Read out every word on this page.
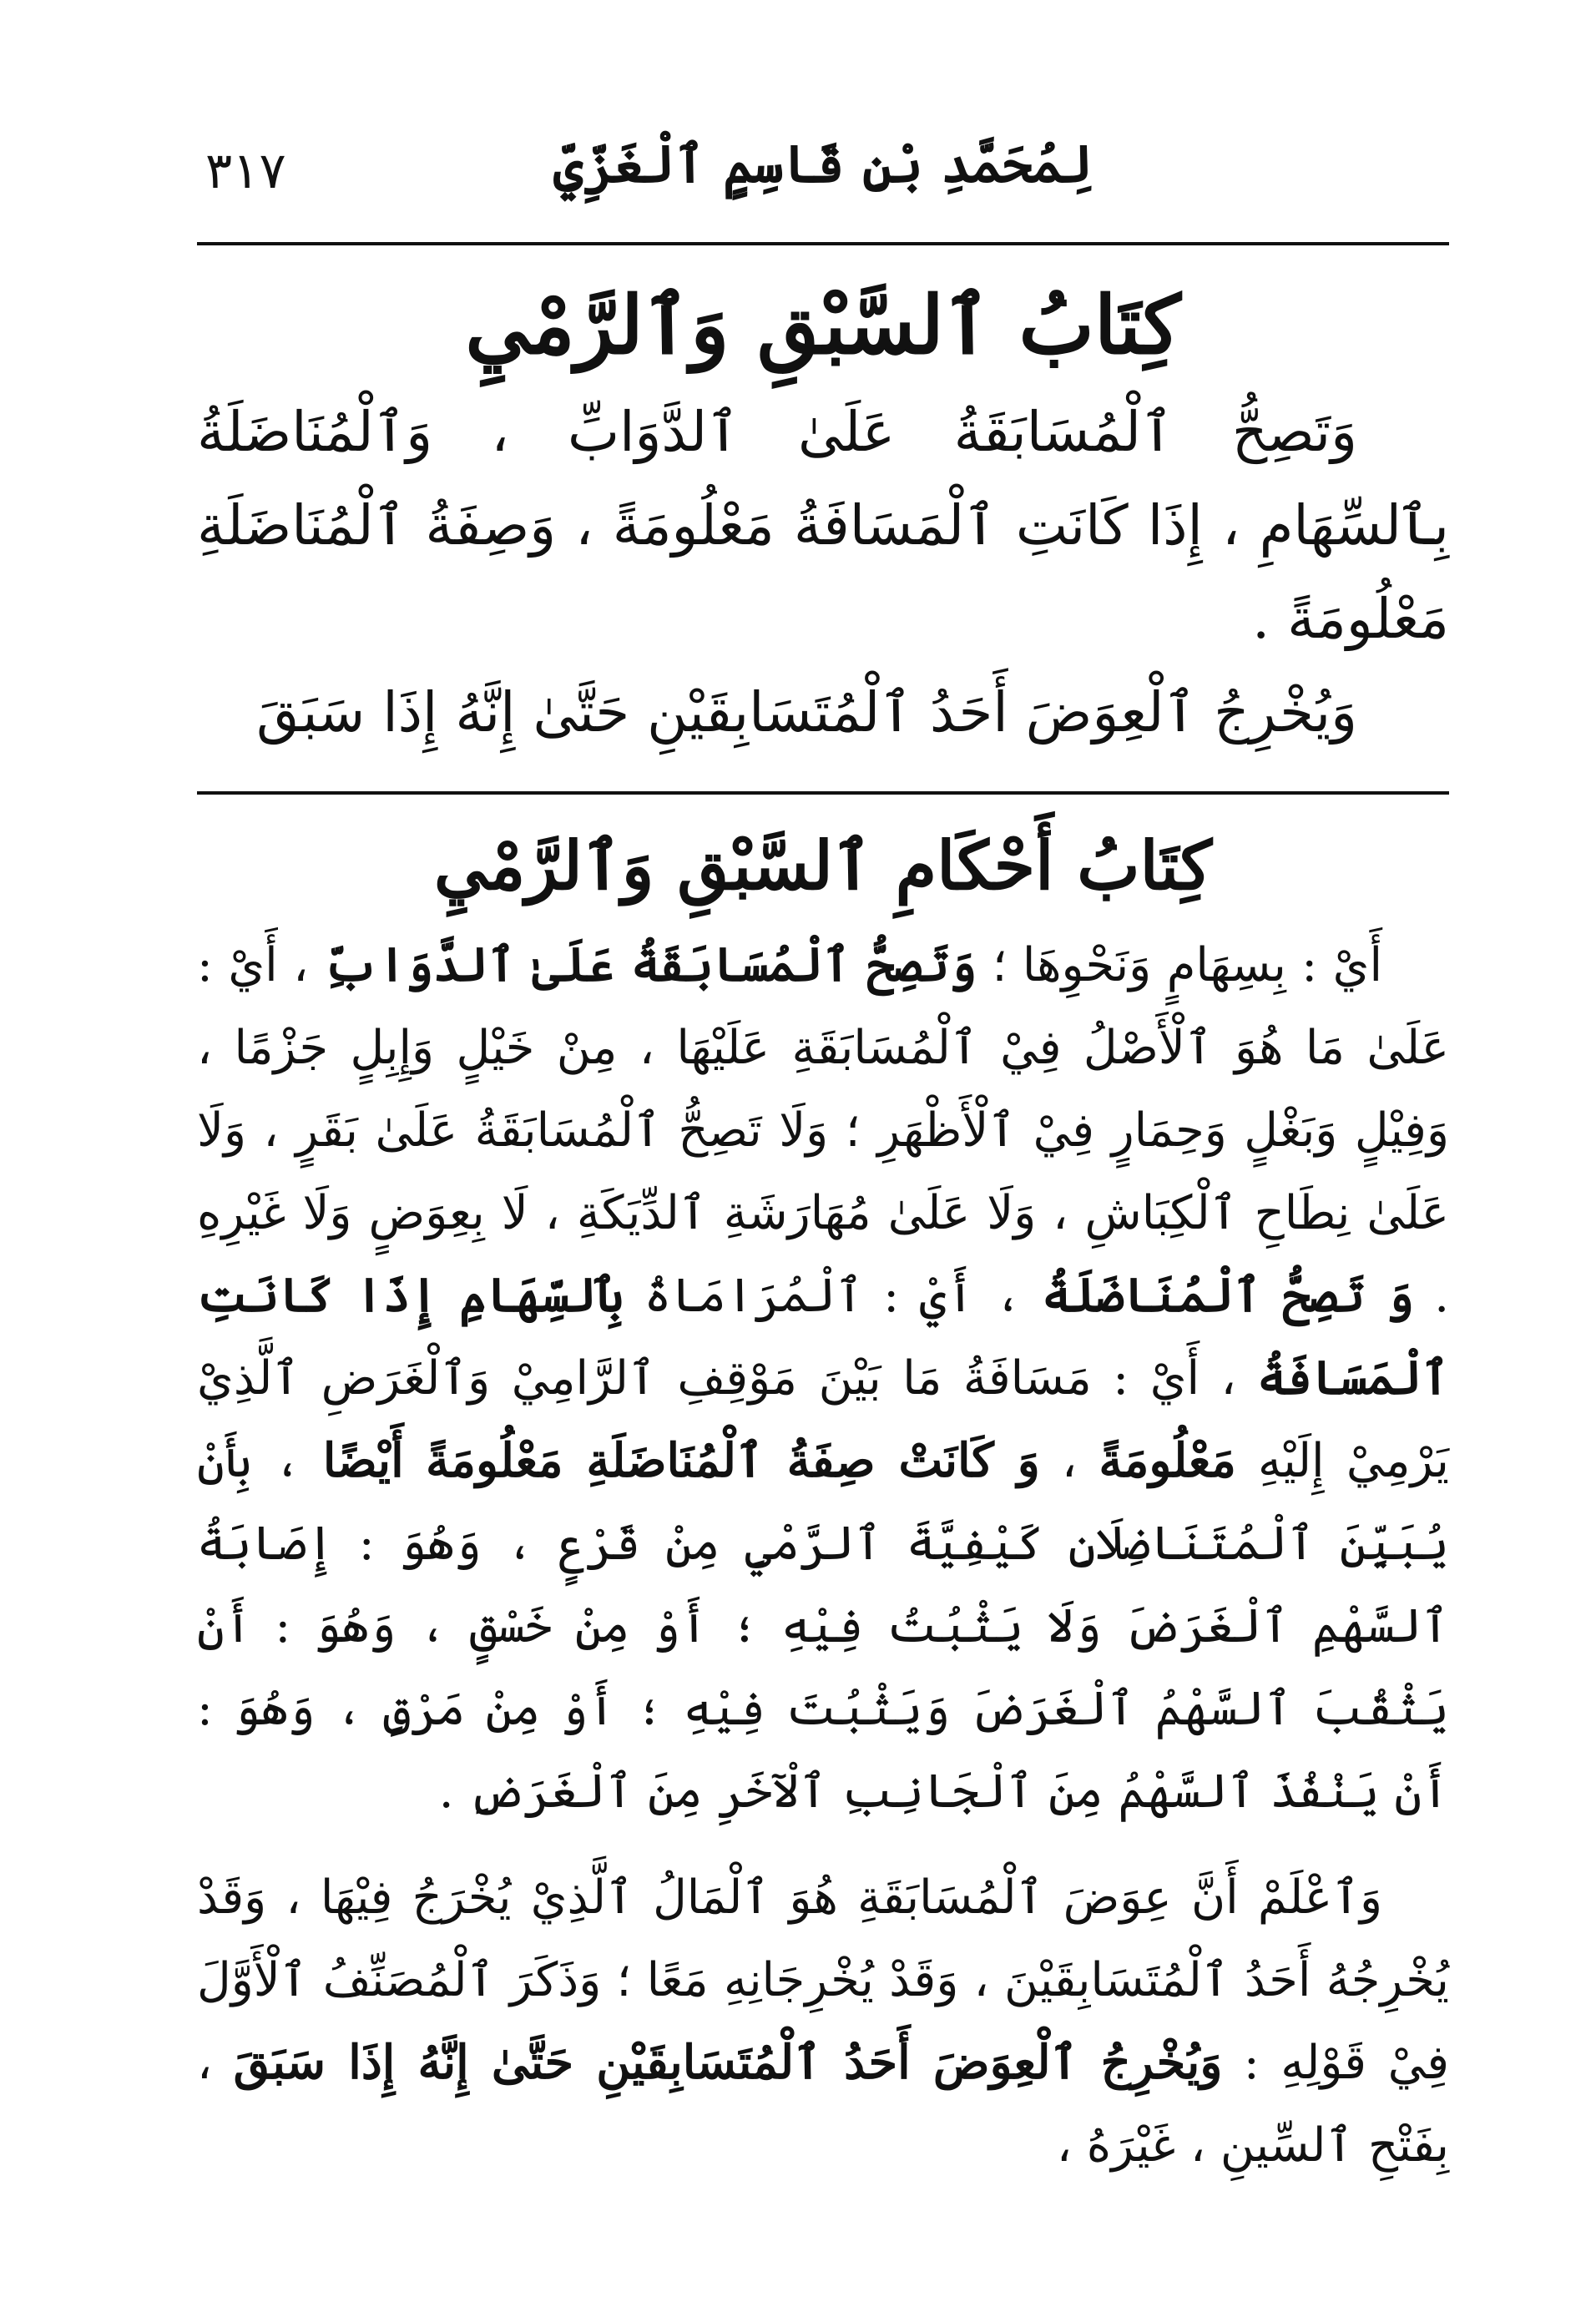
٣١٧	لِمُحَمَّدِ بْنِ قَاسِمٍ ٱلْغَزِّيِّ
كِتَابُ ٱلسَّبْقِ وَٱلرَّمْيِ

وَتَصِحُّ ٱلْمُسَابَقَةُ عَلَىٰ ٱلدَّوَابِّ ، وَٱلْمُنَاضَلَةُ بِٱلسِّهَامِ ، إِذَا كَانَتِ ٱلْمَسَافَةُ مَعْلُومَةً ، وَصِفَةُ ٱلْمُنَاضَلَةِ مَعْلُومَةً .

وَيُخْرِجُ ٱلْعِوَضَ أَحَدُ ٱلْمُتَسَابِقَيْنِ حَتَّىٰ إِنَّهُ إِذَا سَبَقَ

كِتَابُ أَحْكَامِ ٱلسَّبْقِ وَٱلرَّمْيِ

أَيْ : بِسِهَامٍ وَنَحْوِهَا ؛ وَتَصِحُّ ٱلْمُسَابَقَةُ عَلَىٰ ٱلدَّوَابِّ ، أَيْ : عَلَىٰ مَا هُوَ ٱلْأَصْلُ فِيْ ٱلْمُسَابَقَةِ عَلَيْهَا ، مِنْ خَيْلٍ وَإِبِلٍ جَزْمًا ، وَفِيْلٍ وَبَغْلٍ وَحِمَارٍ فِيْ ٱلْأَظْهَرِ ؛ وَلَا تَصِحُّ ٱلْمُسَابَقَةُ عَلَىٰ بَقَرٍ ، وَلَا عَلَىٰ نِطَاحِ ٱلْكِبَاشِ ، وَلَا عَلَىٰ مُهَارَشَةِ ٱلدِّيَكَةِ ، لَا بِعِوَضٍ وَلَا غَيْرِهِ . وَ تَصِحُّ ٱلْمُنَاضَلَةُ ، أَيْ : ٱلْمُرَامَاةُ بِٱلسِّهَامِ إِذَا كَانَتِ ٱلْمَسَافَةُ ، أَيْ : مَسَافَةُ مَا بَيْنَ مَوْقِفِ ٱلرَّامِيْ وَٱلْغَرَضِ ٱلَّذِيْ يَرْمِيْ إِلَيْهِ مَعْلُومَةً ، وَ كَانَتْ صِفَةُ ٱلْمُنَاضَلَةِ مَعْلُومَةً أَيْضًا ، بِأَنْ يُبَيِّنَ ٱلْمُتَنَاضِلَانِ كَيْفِيَّةَ ٱلرَّمْيِ مِنْ قَرْعٍ ، وَهُوَ : إِصَابَةُ ٱلسَّهْمِ ٱلْغَرَضَ وَلَا يَثْبُتُ فِيْهِ ؛ أَوْ مِنْ خَسْقٍ ، وَهُوَ : أَنْ يَثْقُبَ ٱلسَّهْمُ ٱلْغَرَضَ وَيَثْبُتَ فِيْهِ ؛ أَوْ مِنْ مَرْقٍ ، وَهُوَ : أَنْ يَنْفُذَ ٱلسَّهْمُ مِنَ ٱلْجَانِبِ ٱلْآخَرِ مِنَ ٱلْغَرَضِ .

وَٱعْلَمْ أَنَّ عِوَضَ ٱلْمُسَابَقَةِ هُوَ ٱلْمَالُ ٱلَّذِيْ يُخْرَجُ فِيْهَا ، وَقَدْ يُخْرِجُهُ أَحَدُ ٱلْمُتَسَابِقَيْنَ ، وَقَدْ يُخْرِجَانِهِ مَعًا ؛ وَذَكَرَ ٱلْمُصَنِّفُ ٱلْأَوَّلَ فِيْ قَوْلِهِ : وَيُخْرِجُ ٱلْعِوَضَ أَحَدُ ٱلْمُتَسَابِقَيْنِ حَتَّىٰ إِنَّهُ إِذَا سَبَقَ ، بِفَتْحِ ٱلسِّينِ ، غَيْرَهُ ،
